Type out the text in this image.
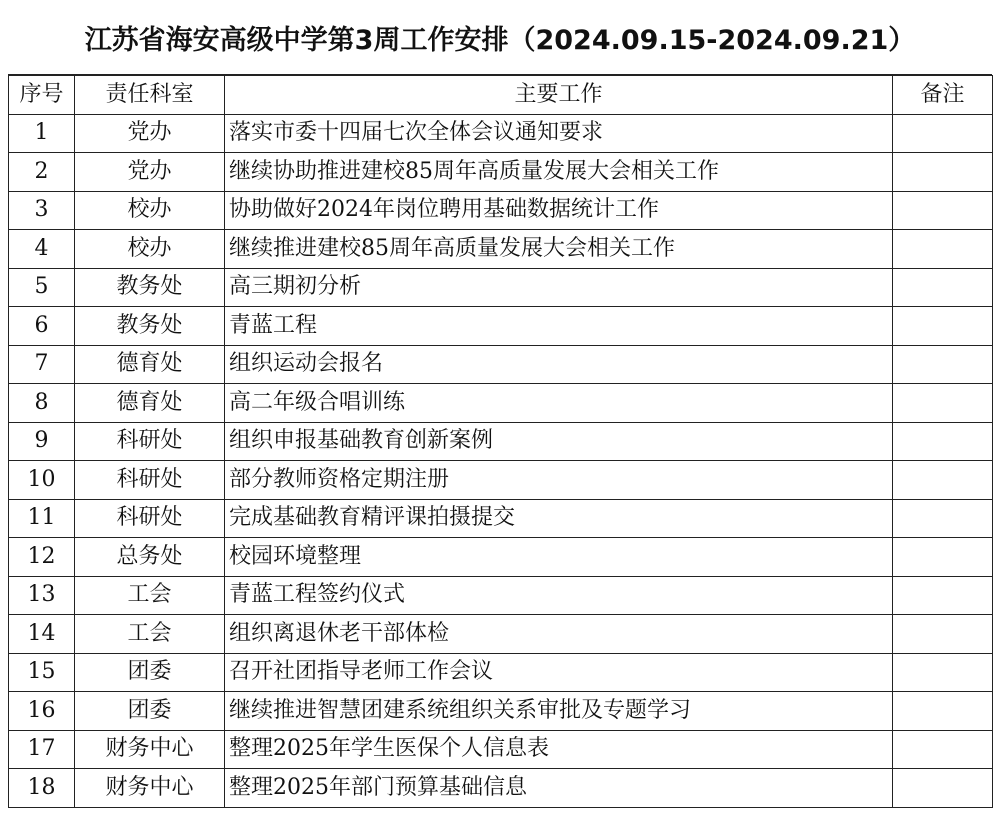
江苏省海安高级中学第3周工作安排（2024.09.15-2024.09.21）
序号	责任科室	主要工作	备注
1	党办	落实市委十四届七次全体会议通知要求	
2	党办	继续协助推进建校85周年高质量发展大会相关工作	
3	校办	协助做好2024年岗位聘用基础数据统计工作	
4	校办	继续推进建校85周年高质量发展大会相关工作	
5	教务处	高三期初分析	
6	教务处	青蓝工程	
7	德育处	组织运动会报名	
8	德育处	高二年级合唱训练	
9	科研处	组织申报基础教育创新案例	
10	科研处	部分教师资格定期注册	
11	科研处	完成基础教育精评课拍摄提交	
12	总务处	校园环境整理	
13	工会	青蓝工程签约仪式	
14	工会	组织离退休老干部体检	
15	团委	召开社团指导老师工作会议	
16	团委	继续推进智慧团建系统组织关系审批及专题学习	
17	财务中心	整理2025年学生医保个人信息表	
18	财务中心	整理2025年部门预算基础信息	
